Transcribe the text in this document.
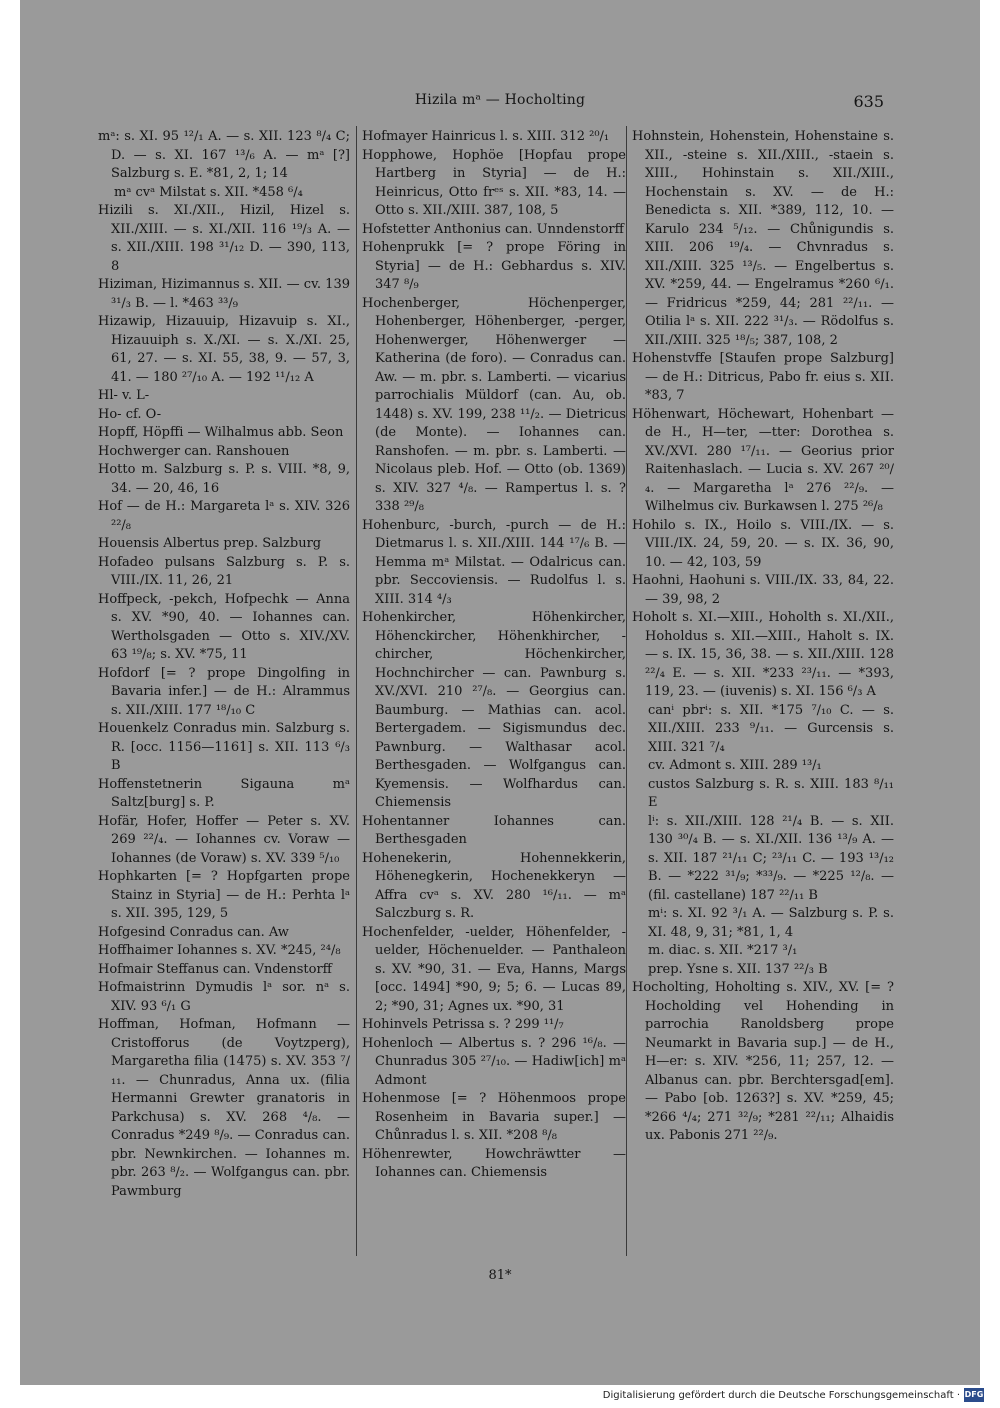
Hizila mᵃ — Hocholting	635

mᵃ: s. XI. 95 ¹²/₁ A. — s. XII. 123 ⁸/₄ C; D. — s. XI. 167 ¹³/₆ A. — mᵃ [?] Salzburg s. E. *81, 2, 1; 14

mᵃ cvᵃ Milstat s. XII. *458 ⁶/₄

Hizili s. XI./XII., Hizil, Hizel s. XII./XIII. — s. XI./XII. 116 ¹⁹/₃ A. — s. XII./XIII. 198 ³¹/₁₂ D. — 390, 113, 8

Hiziman, Hizimannus s. XII. — cv. 139 ³¹/₃ B. — l. *463 ³³/₉

Hizawip, Hizauuip, Hizavuip s. XI., Hizauuiph s. X./XI. — s. X./XI. 25, 61, 27. — s. XI. 55, 38, 9. — 57, 3, 41. — 180 ²⁷/₁₀ A. — 192 ¹¹/₁₂ A

Hl- v. L-

Ho- cf. O-

Hopff, Höpffi — Wilhalmus abb. Seon

Hochwerger can. Ranshouen

Hotto m. Salzburg s. P. s. VIII. *8, 9, 34. — 20, 46, 16

Hof — de H.: Margareta lᵃ s. XIV. 326 ²²/₈

Houensis Albertus prep. Salzburg

Hofadeo pulsans Salzburg s. P. s. VIII./IX. 11, 26, 21

Hoffpeck, -pekch, Hofpechk — Anna s. XV. *90, 40. — Iohannes can. Wertholsgaden — Otto s. XIV./XV. 63 ¹⁹/₈; s. XV. *75, 11

Hofdorf [= ? prope Dingolfing in Bavaria infer.] — de H.: Alrammus s. XII./XIII. 177 ¹⁸/₁₀ C

Houenkelz Conradus min. Salzburg s. R. [occ. 1156—1161] s. XII. 113 ⁶/₃ B

Hoffenstetnerin Sigauna mᵃ Saltz[burg] s. P.

Hofär, Hofer, Hoffer — Peter s. XV. 269 ²²/₄. — Iohannes cv. Voraw — Iohannes (de Voraw) s. XV. 339 ⁵/₁₀

Hophkarten [= ? Hopfgarten prope Stainz in Styria] — de H.: Perhta lᵃ s. XII. 395, 129, 5

Hofgesind Conradus can. Aw

Hoffhaimer Iohannes s. XV. *245, ²⁴/₈

Hofmair Steffanus can. Vndenstorff

Hofmaistrinn Dymudis lᵃ sor. nᵃ s. XIV. 93 ⁶/₁ G

Hoffman, Hofman, Hofmann — Cristofforus (de Voytzperg), Margaretha filia (1475) s. XV. 353 ⁷/₁₁. — Chunradus, Anna ux. (filia Hermanni Grewter granatoris in Parkchusa) s. XV. 268 ⁴/₈. — Conradus *249 ⁸/₉. — Conradus can. pbr. Newnkirchen. — Iohannes m. pbr. 263 ⁸/₂. — Wolfgangus can. pbr. Pawmburg

Hofmayer Hainricus l. s. XIII. 312 ²⁰/₁

Hopphowe, Hophöe [Hopfau prope Hartberg in Styria] — de H.: Heinricus, Otto frᵉˢ s. XII. *83, 14. — Otto s. XII./XIII. 387, 108, 5

Hofstetter Anthonius can. Unndenstorff

Hohenprukk [= ? prope Föring in Styria] — de H.: Gebhardus s. XIV. 347 ⁸/₉

Hochenberger, Höchenperger, Hohenberger, Höhenberger, -perger, Hohenwerger, Höhenwerger — Katherina (de foro). — Conradus can. Aw. — m. pbr. s. Lamberti. — vicarius parrochialis Müldorf (can. Au, ob. 1448) s. XV. 199, 238 ¹¹/₂. — Dietricus (de Monte). — Iohannes can. Ranshofen. — m. pbr. s. Lamberti. — Nicolaus pleb. Hof. — Otto (ob. 1369) s. XIV. 327 ⁴/₈. — Rampertus l. s. ? 338 ²⁹/₈

Hohenburc, -burch, -purch — de H.: Dietmarus l. s. XII./XIII. 144 ¹⁷/₆ B. — Hemma mᵃ Milstat. — Odalricus can. pbr. Seccoviensis. — Rudolfus l. s. XIII. 314 ⁴/₃

Hohenkircher, Höhenkircher, Höhenckircher, Höhenkhircher, -chircher, Höchenkircher, Hochnchircher — can. Pawnburg s. XV./XVI. 210 ²⁷/₈. — Georgius can. Baumburg. — Mathias can. acol. Bertergadem. — Sigismundus dec. Pawnburg. — Walthasar acol. Berthesgaden. — Wolfgangus can. Kyemensis. — Wolfhardus can. Chiemensis

Hohentanner Iohannes can. Berthesgaden

Hohenekerin, Hohennekkerin, Höhenegkerin, Hochenekkeryn — Affra cvᵃ s. XV. 280 ¹⁶/₁₁. — mᵃ Salczburg s. R.

Hochenfelder, -uelder, Höhenfelder, -uelder, Höchenuelder. — Panthaleon s. XV. *90, 31. — Eva, Hanns, Margs [occ. 1494] *90, 9; 5; 6. — Lucas 89, 2; *90, 31; Agnes ux. *90, 31

Hohinvels Petrissa s. ? 299 ¹¹/₇

Hohenloch — Albertus s. ? 296 ¹⁶/₈. — Chunradus 305 ²⁷/₁₀. — Hadiw[ich] mᵃ Admont

Hohenmose [= ? Höhenmoos prope Rosenheim in Bavaria super.] — Chůnradus l. s. XII. *208 ⁸/₈

Höhenrewter, Howchräwtter — Iohannes can. Chiemensis

Hohnstein, Hohenstein, Hohenstaine s. XII., -steine s. XII./XIII., -staein s. XIII., Hohinstain s. XII./XIII., Hochenstain s. XV. — de H.: Benedicta s. XII. *389, 112, 10. — Karulo 234 ⁵/₁₂. — Chůnigundis s. XIII. 206 ¹⁹/₄. — Chvnradus s. XII./XIII. 325 ¹³/₅. — Engelbertus s. XV. *259, 44. — Engelramus *260 ⁶/₁. — Fridricus *259, 44; 281 ²²/₁₁. — Otilia lᵃ s. XII. 222 ³¹/₃. — Rödolfus s. XII./XIII. 325 ¹⁸/₅; 387, 108, 2

Hohenstvffe [Staufen prope Salzburg] — de H.: Ditricus, Pabo fr. eius s. XII. *83, 7

Höhenwart, Höchewart, Hohenbart — de H., H—ter, —tter: Dorothea s. XV./XVI. 280 ¹⁷/₁₁. — Georius prior Raitenhaslach. — Lucia s. XV. 267 ²⁰/₄. — Margaretha lᵃ 276 ²²/₉. — Wilhelmus civ. Burkawsen l. 275 ²⁶/₈

Hohilo s. IX., Hoilo s. VIII./IX. — s. VIII./IX. 24, 59, 20. — s. IX. 36, 90, 10. — 42, 103, 59

Haohni, Haohuni s. VIII./IX. 33, 84, 22. — 39, 98, 2

Hoholt s. XI.—XIII., Hoholth s. XI./XII., Hoholdus s. XII.—XIII., Haholt s. IX. — s. IX. 15, 36, 38. — s. XII./XIII. 128 ²²/₄ E. — s. XII. *233 ²³/₁₁. — *393, 119, 23. — (iuvenis) s. XI. 156 ⁶/₃ A

canⁱ pbrⁱ: s. XII. *175 ⁷/₁₀ C. — s. XII./XIII. 233 ⁹/₁₁. — Gurcensis s. XIII. 321 ⁷/₄

cv. Admont s. XIII. 289 ¹³/₁

custos Salzburg s. R. s. XIII. 183 ⁸/₁₁ E

lⁱ: s. XII./XIII. 128 ²¹/₄ B. — s. XII. 130 ³⁰/₄ B. — s. XI./XII. 136 ¹³/₉ A. — s. XII. 187 ²¹/₁₁ C; ²³/₁₁ C. — 193 ¹³/₁₂ B. — *222 ³¹/₉; *³³/₉. — *225 ¹²/₈. — (fil. castellane) 187 ²²/₁₁ B

mⁱ: s. XI. 92 ³/₁ A. — Salzburg s. P. s. XI. 48, 9, 31; *81, 1, 4

m. diac. s. XII. *217 ³/₁

prep. Ysne s. XII. 137 ²²/₃ B

Hocholting, Hoholting s. XIV., XV. [= ? Hocholding vel Hohending in parrochia Ranoldsberg prope Neumarkt in Bavaria sup.] — de H., H—er: s. XIV. *256, 11; 257, 12. — Albanus can. pbr. Berchtersgad[em]. — Pabo [ob. 1263?] s. XV. *259, 45; *266 ⁴/₄; 271 ³²/₉; *281 ²²/₁₁; Alhaidis ux. Pabonis 271 ²²/₉.

81*
Digitalisierung gefördert durch die Deutsche Forschungsgemeinschaft · DFG
